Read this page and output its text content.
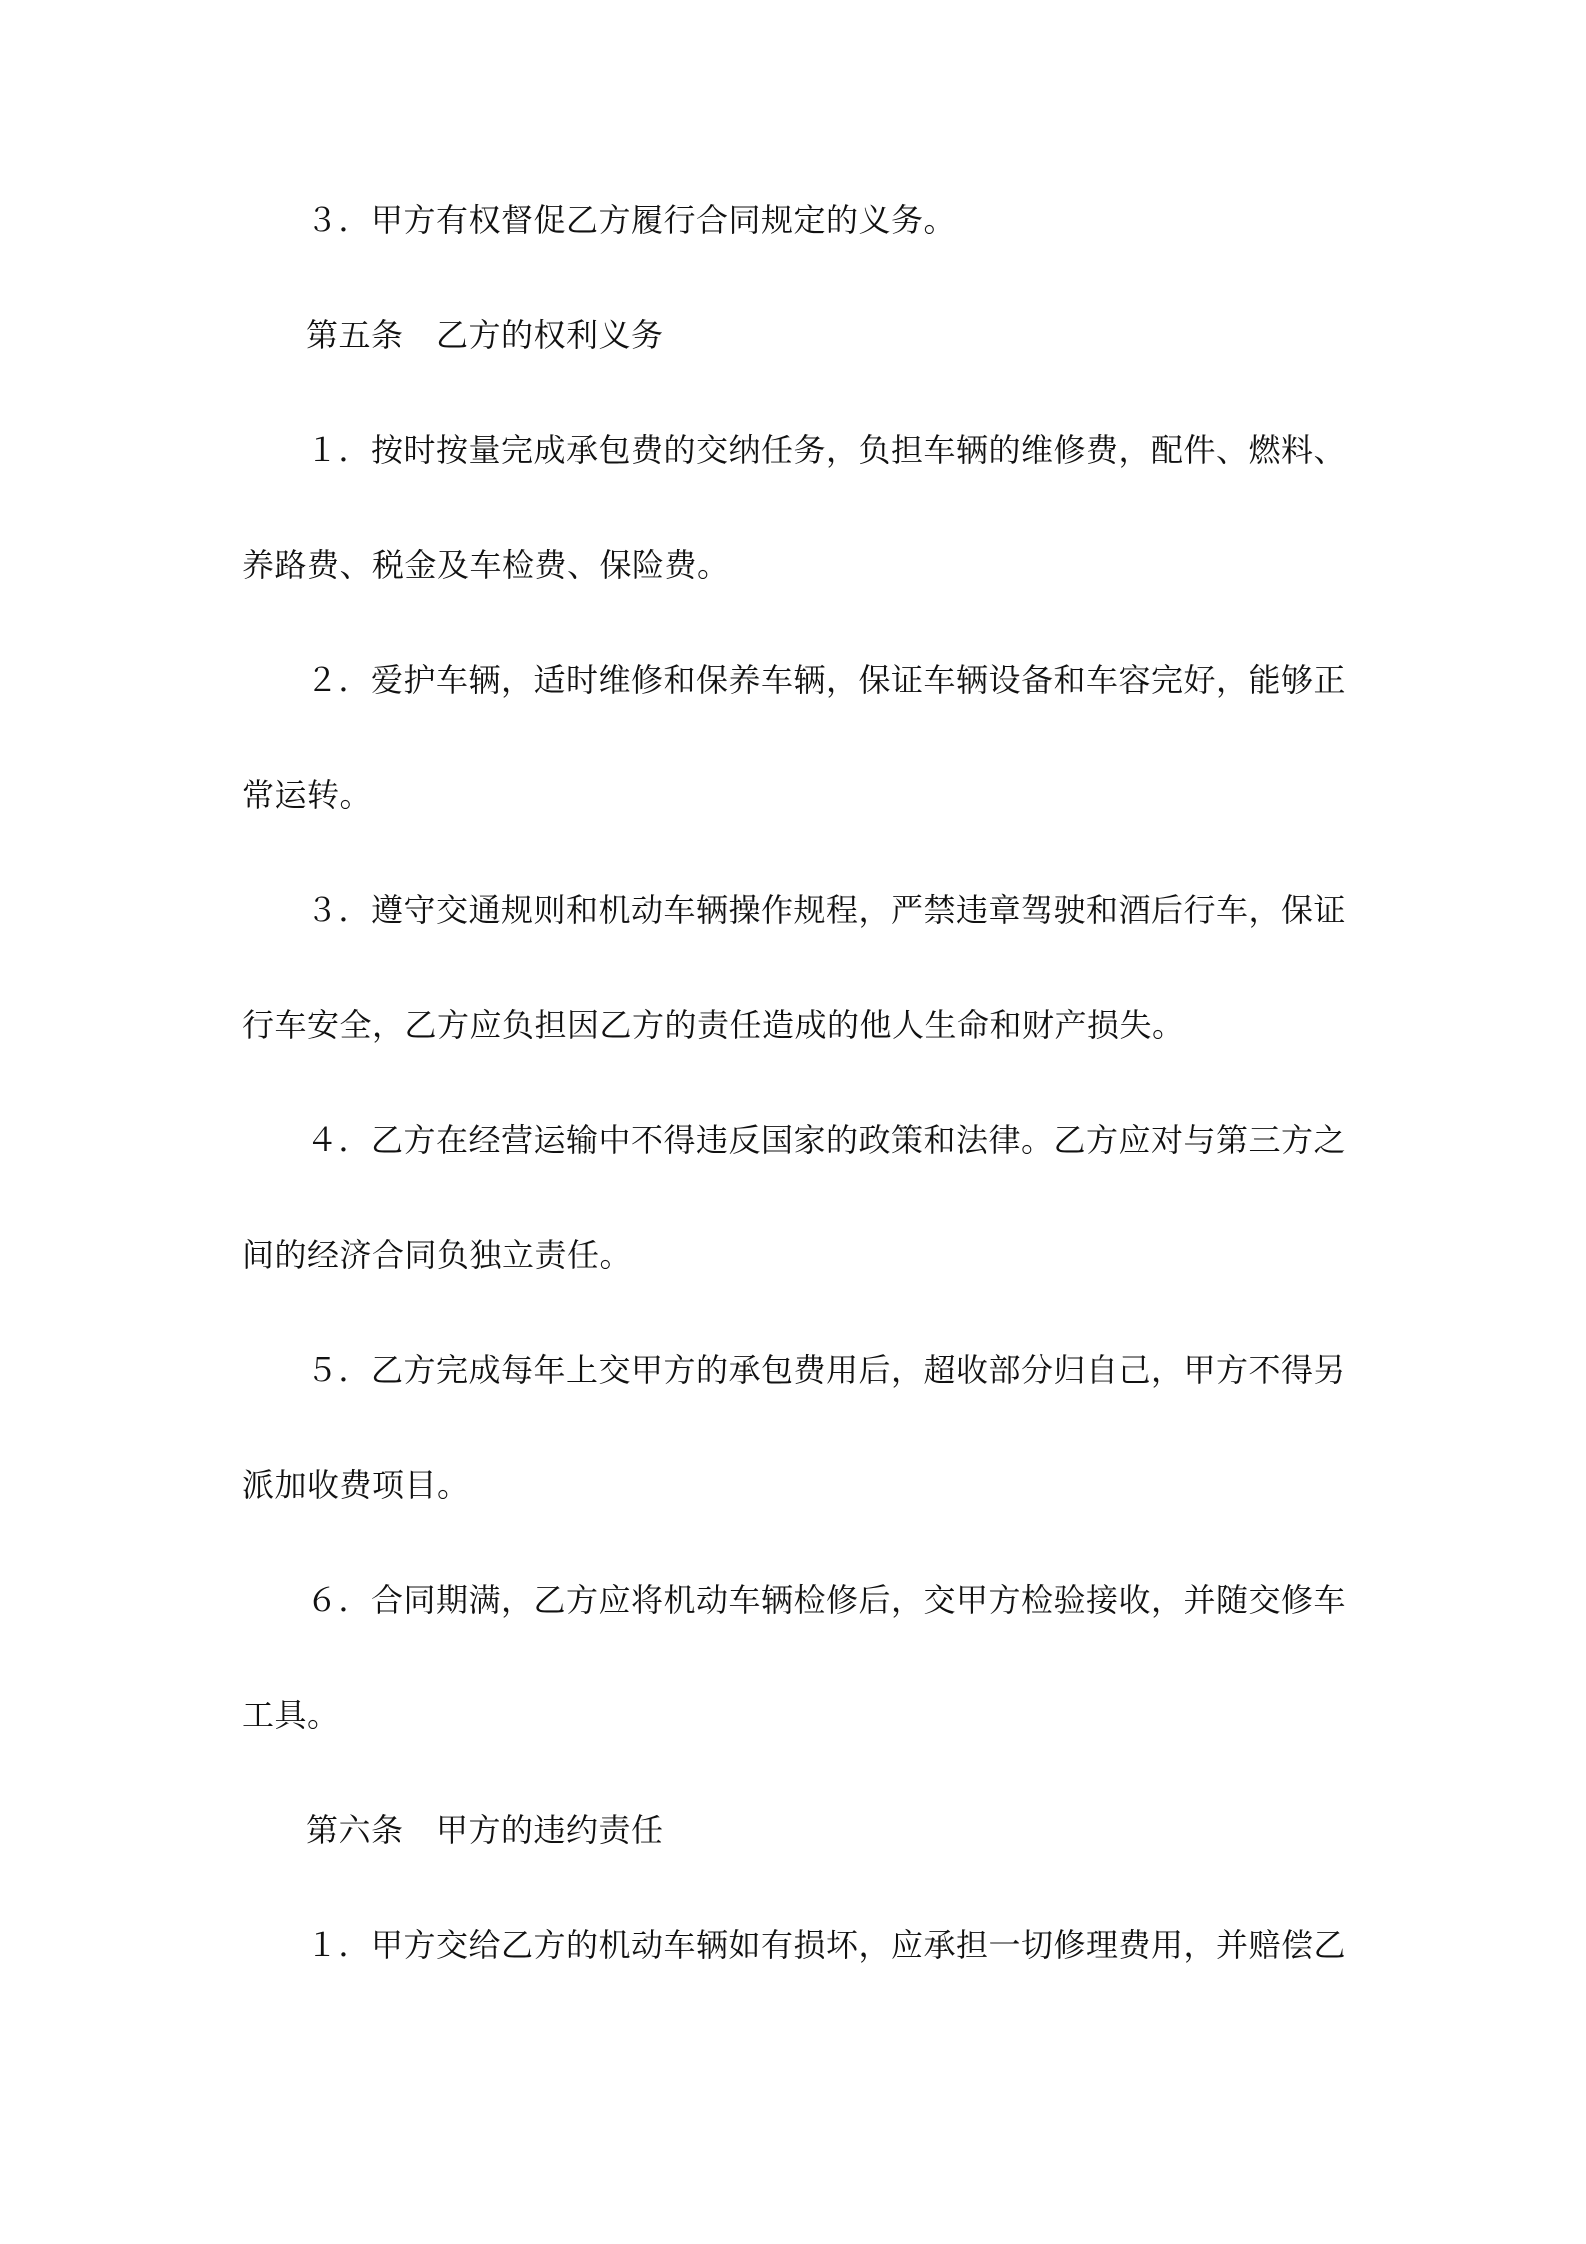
３．甲方有权督促乙方履行合同规定的义务。
第五条　乙方的权利义务
１．按时按量完成承包费的交纳任务，负担车辆的维修费，配件、燃料、
养路费、税金及车检费、保险费。
２．爱护车辆，适时维修和保养车辆，保证车辆设备和车容完好，能够正
常运转。
３．遵守交通规则和机动车辆操作规程，严禁违章驾驶和酒后行车，保证
行车安全，乙方应负担因乙方的责任造成的他人生命和财产损失。
４．乙方在经营运输中不得违反国家的政策和法律。乙方应对与第三方之
间的经济合同负独立责任。
５．乙方完成每年上交甲方的承包费用后，超收部分归自己，甲方不得另
派加收费项目。
６．合同期满，乙方应将机动车辆检修后，交甲方检验接收，并随交修车
工具。
第六条　甲方的违约责任
１．甲方交给乙方的机动车辆如有损坏，应承担一切修理费用，并赔偿乙
